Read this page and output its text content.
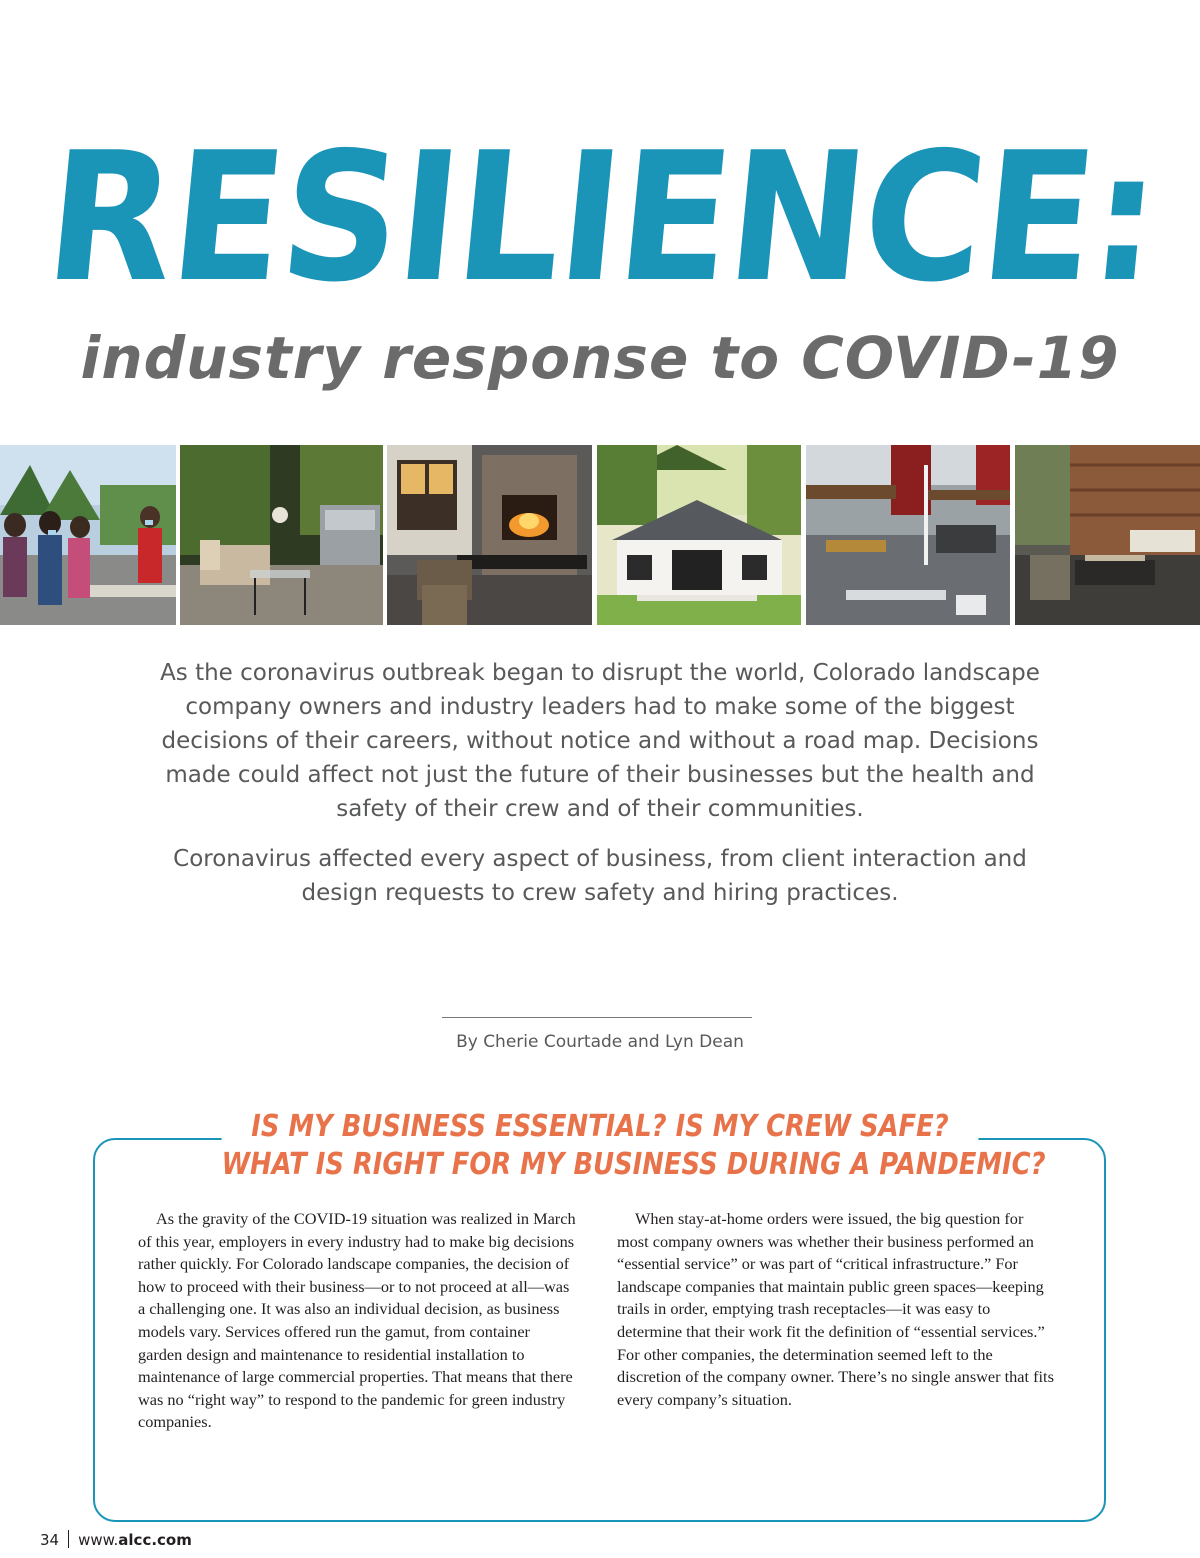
RESILIENCE:
industry response to COVID-19

As the coronavirus outbreak began to disrupt the world, Colorado landscape company owners and industry leaders had to make some of the biggest decisions of their careers, without notice and without a road map. Decisions made could affect not just the future of their businesses but the health and safety of their crew and of their communities.

Coronavirus affected every aspect of business, from client interaction and design requests to crew safety and hiring practices.

By Cherie Courtade and Lyn Dean
IS MY BUSINESS ESSENTIAL? IS MY CREW SAFE?
WHAT IS RIGHT FOR MY BUSINESS DURING A PANDEMIC?

As the gravity of the COVID-19 situation was realized in March of this year, employers in every industry had to make big decisions rather quickly. For Colorado landscape companies, the decision of how to proceed with their business—or to not proceed at all—was a challenging one. It was also an individual decision, as business models vary. Services offered run the gamut, from container garden design and maintenance to residential installation to maintenance of large commercial properties. That means that there was no “right way” to respond to the pandemic for green industry companies.

When stay-at-home orders were issued, the big question for most company owners was whether their business performed an “essential service” or was part of “critical infrastructure.” For landscape companies that maintain public green spaces—keeping trails in order, emptying trash receptacles—it was easy to determine that their work fit the definition of “essential services.” For other companies, the determination seemed left to the discretion of the company owner. There’s no single answer that fits every company’s situation.

34 www.alcc.com
